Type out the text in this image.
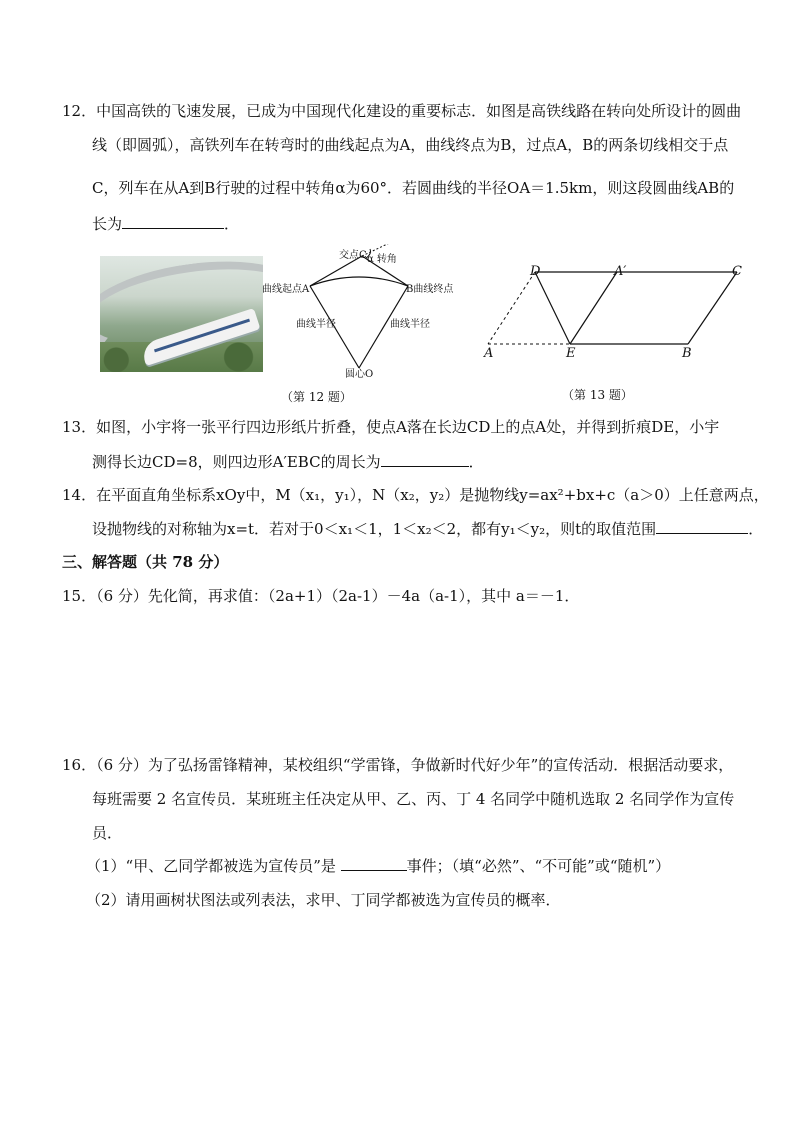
12．中国高铁的飞速发展，已成为中国现代化建设的重要标志．如图是高铁线路在转向处所设计的圆曲
线（即圆弧），高铁列车在转弯时的曲线起点为A，曲线终点为B，过点A，B的两条切线相交于点
C，列车在从A到B行驶的过程中转角α为60°．若圆曲线的半径OA＝1.5km，则这段圆曲线AB的
长为	．
交点C α 转角
曲线起点A	B曲线终点
曲线半径	曲线半径
圆心O
（第 12 题）
D	A′	C
A	E	B
（第 13 题）
13．如图，小宇将一张平行四边形纸片折叠，使点A落在长边CD上的点A处，并得到折痕DE，小宇
测得长边CD=8，则四边形A′EBC的周长为	．
14．在平面直角坐标系xOy中，M（x₁，y₁），N（x₂，y₂）是抛物线y=ax²+bx+c（a＞0）上任意两点，
设抛物线的对称轴为x=t．若对于0＜x₁＜1，1＜x₂＜2，都有y₁＜y₂，则t的取值范围	．
三、解答题（共 78 分）
15．（6 分）先化简，再求值：（2a+1）（2a-1）－4a（a-1），其中 a＝－1．
16．（6 分）为了弘扬雷锋精神，某校组织“学雷锋，争做新时代好少年”的宣传活动．根据活动要求，
每班需要 2 名宣传员．某班班主任决定从甲、乙、丙、丁 4 名同学中随机选取 2 名同学作为宣传
员．
（1）“甲、乙同学都被选为宣传员”是	事件；（填“必然”、“不可能”或“随机”）
（2）请用画树状图法或列表法，求甲、丁同学都被选为宣传员的概率．
